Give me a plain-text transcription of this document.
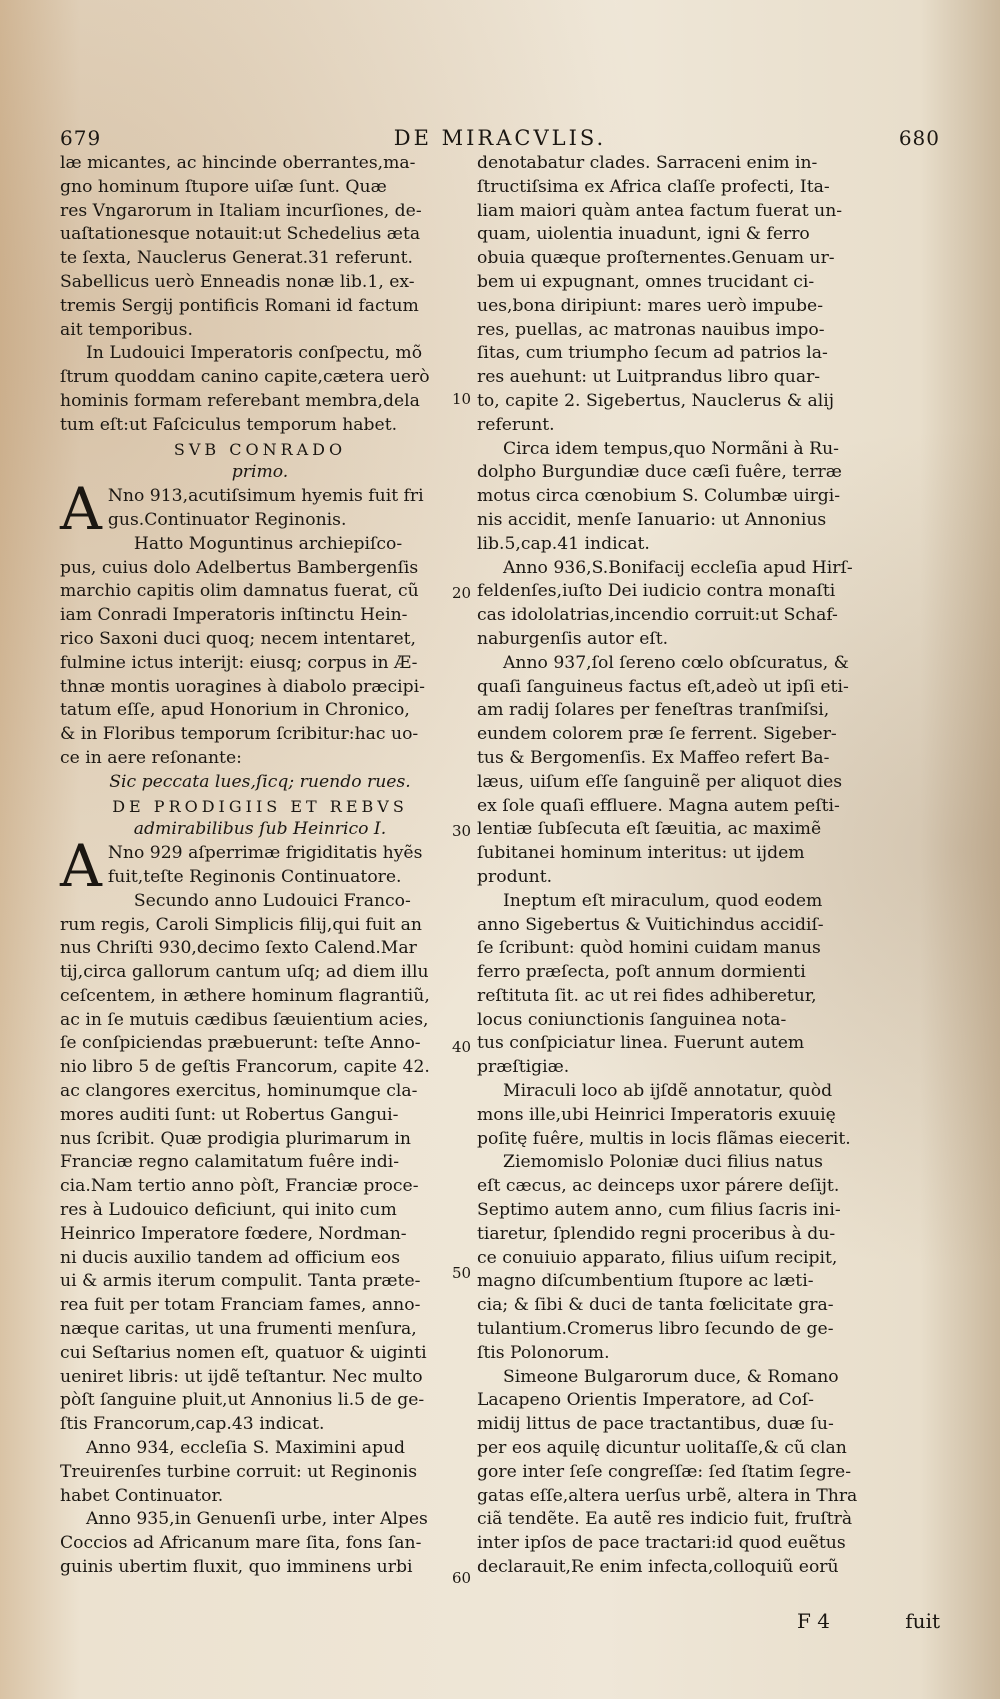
679	DE MIRACVLIS.	680
læ micantes, ac hincinde oberrantes,ma-
gno hominum ſtupore uiſæ ſunt. Quæ
res Vngarorum in Italiam incurſiones, de-
uaſtationesque notauit:ut Schedelius æta
te ſexta, Nauclerus Generat.31 referunt.
Sabellicus uerò Enneadis nonæ lib.1, ex-
tremis Sergij pontificis Romani id factum
ait temporibus.
In Ludouici Imperatoris conſpectu, mõ
ſtrum quoddam canino capite,cætera uerò
hominis formam referebant membra,dela
tum eſt:ut Faſciculus temporum habet.
SVB CONRADO
primo.
A Nno 913,acutiſsimum hyemis fuit fri
gus.Continuator Reginonis.
Hatto Moguntinus archiepiſco-
pus, cuius dolo Adelbertus Bambergenſis
marchio capitis olim damnatus fuerat, cũ
iam Conradi Imperatoris inſtinctu Hein-
rico Saxoni duci quoq; necem intentaret,
fulmine ictus interijt: eiusq; corpus in Æ-
thnæ montis uoragines à diabolo præcipi-
tatum eſſe, apud Honorium in Chronico,
& in Floribus temporum ſcribitur:hac uo-
ce in aere reſonante:
Sic peccata lues,ſicq; ruendo rues.
DE PRODIGIIS ET REBVS
admirabilibus ſub Heinrico I.
A Nno 929 aſperrimæ frigiditatis hyẽs
fuit,teſte Reginonis Continuatore.
Secundo anno Ludouici Franco-
rum regis, Caroli Simplicis filij,qui fuit an
nus Chriſti 930,decimo ſexto Calend.Mar
tij,circa gallorum cantum uſq; ad diem illu
ceſcentem, in æthere hominum flagrantiũ,
ac in ſe mutuis cædibus ſæuientium acies,
ſe conſpiciendas præbuerunt: teſte Anno-
nio libro 5 de geſtis Francorum, capite 42.
ac clangores exercitus, hominumque cla-
mores auditi ſunt: ut Robertus Gangui-
nus ſcribit. Quæ prodigia plurimarum in
Franciæ regno calamitatum fuêre indi-
cia.Nam tertio anno pòſt, Franciæ proce-
res à Ludouico deficiunt, qui inito cum
Heinrico Imperatore fœdere, Nordman-
ni ducis auxilio tandem ad officium eos
ui & armis iterum compulit. Tanta præte-
rea fuit per totam Franciam fames, anno-
næque caritas, ut una frumenti menſura,
cui Seſtarius nomen eſt, quatuor & uiginti
ueniret libris: ut ijdẽ teſtantur. Nec multo
pòſt ſanguine pluit,ut Annonius li.5 de ge-
ſtis Francorum,cap.43 indicat.
Anno 934, eccleſia S. Maximini apud
Treuirenſes turbine corruit: ut Reginonis
habet Continuator.
Anno 935,in Genuenſi urbe, inter Alpes
Coccios ad Africanum mare ſita, fons ſan-
guinis ubertim fluxit, quo imminens urbi
10
20
30
40
50
60
denotabatur clades. Sarraceni enim in-
ſtructiſsima ex Africa claſſe profecti, Ita-
liam maiori quàm antea factum fuerat un-
quam, uiolentia inuadunt, igni & ferro
obuia quæque proſternentes.Genuam ur-
bem ui expugnant, omnes trucidant ci-
ues,bona diripiunt: mares uerò impube-
res, puellas, ac matronas nauibus impo-
ſitas, cum triumpho ſecum ad patrios la-
res auehunt: ut Luitprandus libro quar-
to, capite 2. Sigebertus, Nauclerus & alij
referunt.
Circa idem tempus,quo Normãni à Ru-
dolpho Burgundiæ duce cæſi fuêre, terræ
motus circa cœnobium S. Columbæ uirgi-
nis accidit, menſe Ianuario: ut Annonius
lib.5,cap.41 indicat.
Anno 936,S.Bonifacij eccleſia apud Hirſ-
feldenſes,iuſto Dei iudicio contra monaſti
cas idololatrias,incendio corruit:ut Schaf-
naburgenſis autor eſt.
Anno 937,ſol ſereno cœlo obſcuratus, &
quaſi ſanguineus factus eſt,adeò ut ipſi eti-
am radij ſolares per feneſtras tranſmiſsi,
eundem colorem præ ſe ferrent. Sigeber-
tus & Bergomenſis. Ex Maffeo refert Ba-
læus, uiſum eſſe ſanguinẽ per aliquot dies
ex ſole quaſi effluere. Magna autem peſti-
lentiæ ſubſecuta eſt ſæuitia, ac maximẽ
ſubitanei hominum interitus: ut ijdem
produnt.
Ineptum eſt miraculum, quod eodem
anno Sigebertus & Vuitichindus accidiſ-
ſe ſcribunt: quòd homini cuidam manus
ferro præſecta, poſt annum dormienti
reſtituta ſit. ac ut rei fides adhiberetur,
locus coniunctionis ſanguinea nota-
tus conſpiciatur linea. Fuerunt autem
præſtigiæ.
Miraculi loco ab ijſdẽ annotatur, quòd
mons ille,ubi Heinrici Imperatoris exuuię
poſitę fuêre, multis in locis flãmas eiecerit.
Ziemomislo Poloniæ duci filius natus
eſt cæcus, ac deinceps uxor párere deſijt.
Septimo autem anno, cum filius ſacris ini-
tiaretur, ſplendido regni proceribus à du-
ce conuiuio apparato, filius uiſum recipit,
magno diſcumbentium ſtupore ac læti-
cia; & ſibi & duci de tanta fœlicitate gra-
tulantium.Cromerus libro ſecundo de ge-
ſtis Polonorum.
Simeone Bulgarorum duce, & Romano
Lacapeno Orientis Imperatore, ad Coſ-
midij littus de pace tractantibus, duæ ſu-
per eos aquilę dicuntur uolitaſſe,& cũ clan
gore inter ſeſe congreſſæ: ſed ſtatim ſegre-
gatas eſſe,altera uerſus urbẽ, altera in Thra
ciã tendẽte. Ea autẽ res indicio fuit, fruſtrà
inter ipſos de pace tractari:id quod euẽtus
declarauit,Re enim infecta,colloquiũ eorũ
F 4	fuit
